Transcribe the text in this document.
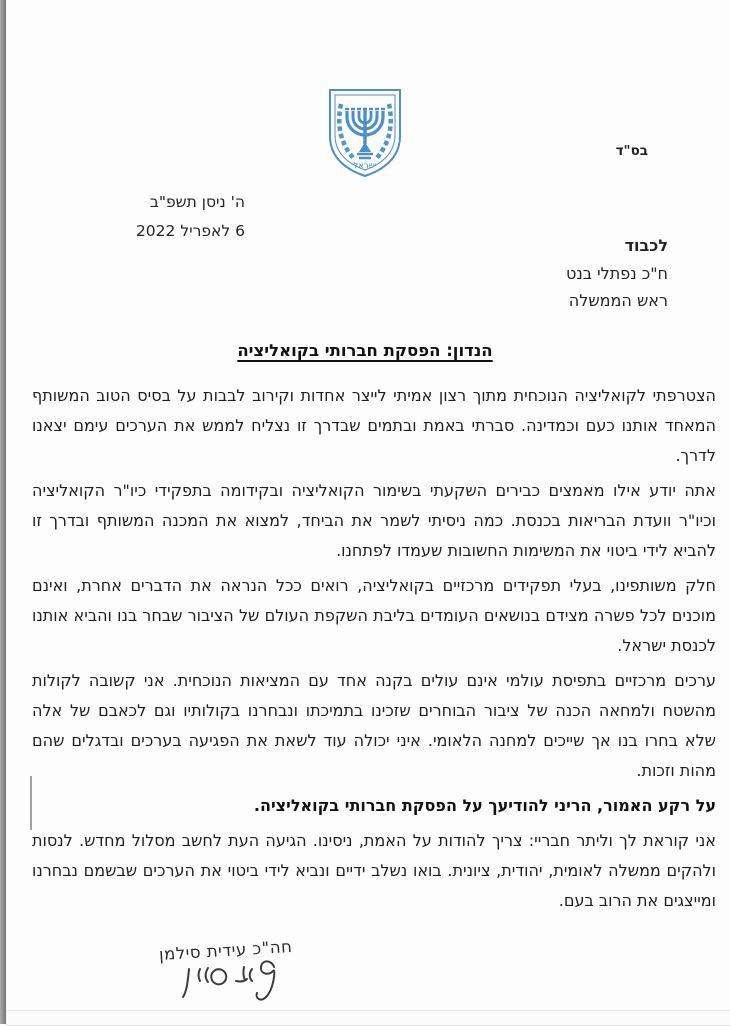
ישראל
בס"ד
ה' ניסן תשפ"ב
6 לאפריל 2022
לכבוד
ח"כ נפתלי בנט
ראש הממשלה
הנדון: הפסקת חברותי בקואליציה

הצטרפתי לקואליציה הנוכחית מתוך רצון אמיתי לייצר אחדות וקירוב לבבות על בסיס הטוב המשותף המאחד אותנו כעם וכמדינה. סברתי באמת ובתמים שבדרך זו נצליח לממש את הערכים עימם יצאנו לדרך.

אתה יודע אילו מאמצים כבירים השקעתי בשימור הקואליציה ובקידומה בתפקידי כיו"ר הקואליציה וכיו"ר וועדת הבריאות בכנסת. כמה ניסיתי לשמר את הביחד, למצוא את המכנה המשותף ובדרך זו להביא לידי ביטוי את המשימות החשובות שעמדו לפתחנו.

חלק משותפינו, בעלי תפקידים מרכזיים בקואליציה, רואים ככל הנראה את הדברים אחרת, ואינם מוכנים לכל פשרה מצידם בנושאים העומדים בליבת השקפת העולם של הציבור שבחר בנו והביא אותנו לכנסת ישראל.

ערכים מרכזיים בתפיסת עולמי אינם עולים בקנה אחד עם המציאות הנוכחית. אני קשובה לקולות מהשטח ולמחאה הכנה של ציבור הבוחרים שזכינו בתמיכתו ונבחרנו בקולותיו וגם לכאבם של אלה שלא בחרו בנו אך שייכים למחנה הלאומי. איני יכולה עוד לשאת את הפגיעה בערכים ובדגלים שהם מהות וזכות.

על רקע האמור, הריני להודיעך על הפסקת חברותי בקואליציה.

אני קוראת לך וליתר חבריי: צריך להודות על האמת, ניסינו. הגיעה העת לחשב מסלול מחדש. לנסות ולהקים ממשלה לאומית, יהודית, ציונית. בואו נשלב ידיים ונביא לידי ביטוי את הערכים שבשמם נבחרנו ומייצגים את הרוב בעם.

חה"כ עידית סילמן
